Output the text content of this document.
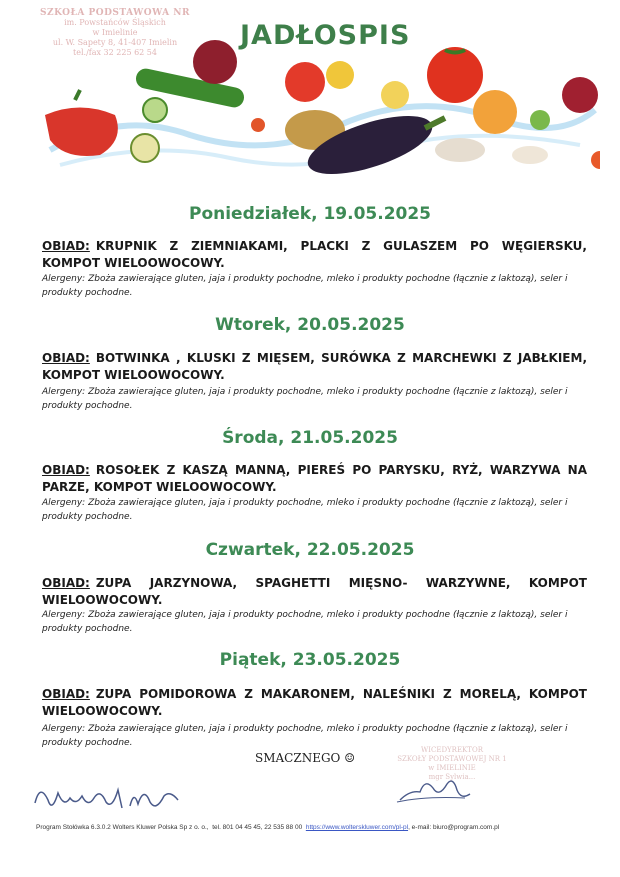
SZKOŁA PODSTAWOWA NR
im. Powstańców Śląskich
w Imielinie
ul. W. Sapety 8, 41-407 Imielin
tel./fax 32 225 62 54
JADŁOSPIS
Poniedziałek, 19.05.2025
OBIAD: KRUPNIK Z ZIEMNIAKAMI, PLACKI Z GULASZEM PO WĘGIERSKU, KOMPOT WIELOOWOCOWY.
Alergeny: Zboża zawierające gluten, jaja i produkty pochodne, mleko i produkty pochodne (łącznie z laktozą), seler i produkty pochodne.
Wtorek, 20.05.2025
OBIAD: BOTWINKA , KLUSKI Z MIĘSEM, SURÓWKA Z MARCHEWKI Z JABŁKIEM, KOMPOT WIELOOWOCOWY.
Alergeny: Zboża zawierające gluten, jaja i produkty pochodne, mleko i produkty pochodne (łącznie z laktozą), seler i produkty pochodne.
Środa, 21.05.2025
OBIAD: ROSOŁEK Z KASZĄ MANNĄ, PIEREŚ PO PARYSKU, RYŻ, WARZYWA NA PARZE, KOMPOT WIELOOWOCOWY.
Alergeny: Zboża zawierające gluten, jaja i produkty pochodne, mleko i produkty pochodne (łącznie z laktozą), seler i produkty pochodne.
Czwartek, 22.05.2025
OBIAD: ZUPA JARZYNOWA, SPAGHETTI MIĘSNO- WARZYWNE, KOMPOT WIELOOWOCOWY.
Alergeny: Zboża zawierające gluten, jaja i produkty pochodne, mleko i produkty pochodne (łącznie z laktozą), seler i produkty pochodne.
Piątek, 23.05.2025
OBIAD: ZUPA POMIDOROWA Z MAKARONEM, NALEŚNIKI Z MORELĄ, KOMPOT WIELOOWOCOWY.
Alergeny: Zboża zawierające gluten, jaja i produkty pochodne, mleko i produkty pochodne (łącznie z laktozą), seler i produkty pochodne.
SMACZNEGO ☺
WICEDYREKTOR
SZKOŁY PODSTAWOWEJ NR 1
w IMIELINIE
mgr Sylwia...
Program Stołówka 6.3.0.2 Wolters Kluwer Polska Sp z o. o., tel. 801 04 45 45, 22 535 88 00 https://www.wolterskluwer.com/pl-pl, e-mail: biuro@program.com.pl
